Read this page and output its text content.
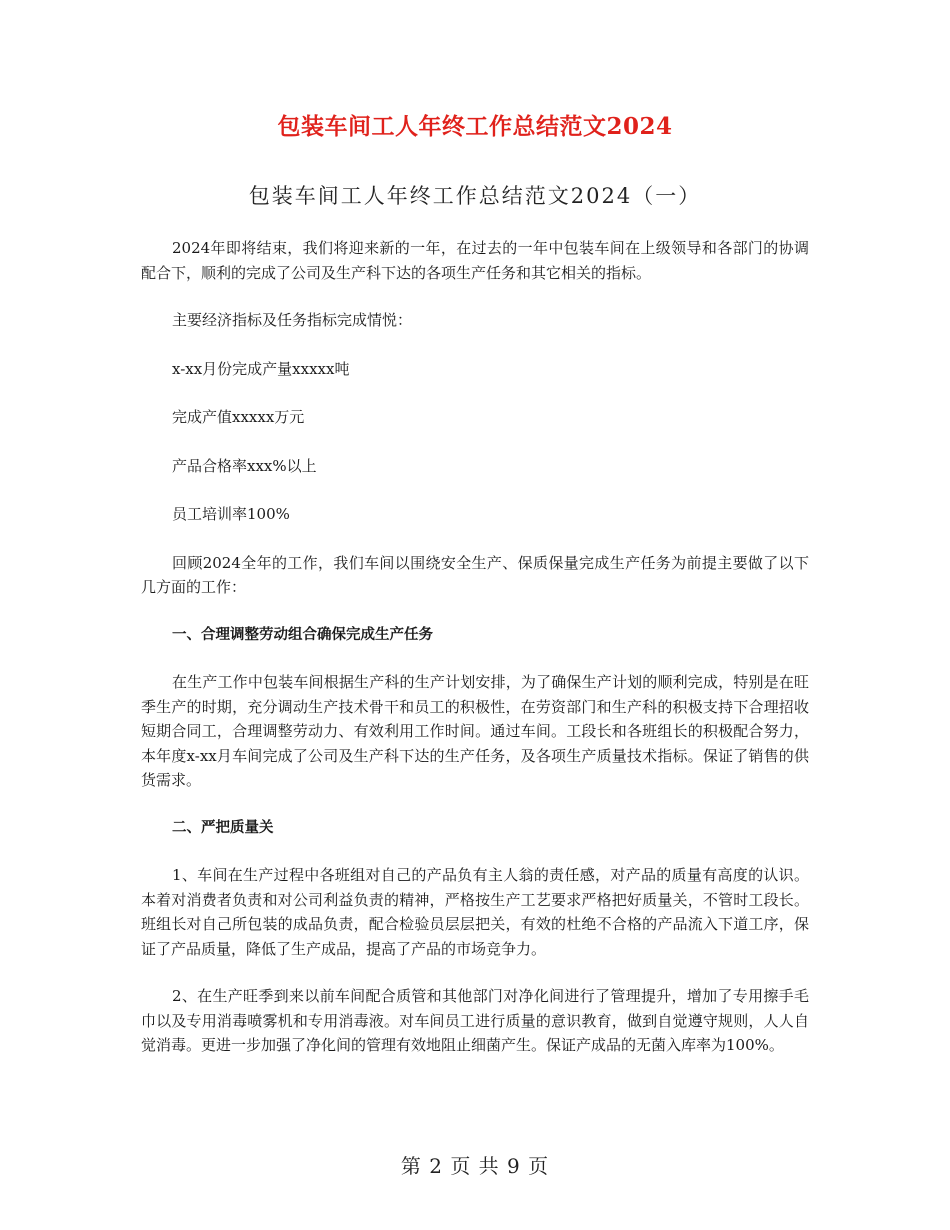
包装车间工人年终工作总结范文2024
包装车间工人年终工作总结范文2024（一）

2024年即将结束，我们将迎来新的一年，在过去的一年中包装车间在上级领导和各部门的协调配合下，顺利的完成了公司及生产科下达的各项生产任务和其它相关的指标。

主要经济指标及任务指标完成情悦：

x-xx月份完成产量xxxxx吨

完成产值xxxxx万元

产品合格率xxx%以上

员工培训率100%

回顾2024全年的工作，我们车间以围绕安全生产、保质保量完成生产任务为前提主要做了以下几方面的工作：

一、合理调整劳动组合确保完成生产任务

在生产工作中包装车间根据生产科的生产计划安排，为了确保生产计划的顺利完成，特别是在旺季生产的时期，充分调动生产技术骨干和员工的积极性，在劳资部门和生产科的积极支持下合理招收短期合同工，合理调整劳动力、有效利用工作时间。通过车间。工段长和各班组长的积极配合努力，本年度x-xx月车间完成了公司及生产科下达的生产任务，及各项生产质量技术指标。保证了销售的供货需求。

二、严把质量关

1、车间在生产过程中各班组对自己的产品负有主人翁的责任感，对产品的质量有高度的认识。本着对消费者负责和对公司利益负责的精神，严格按生产工艺要求严格把好质量关，不管时工段长。班组长对自己所包装的成品负责，配合检验员层层把关，有效的杜绝不合格的产品流入下道工序，保证了产品质量，降低了生产成品，提高了产品的市场竞争力。

2、在生产旺季到来以前车间配合质管和其他部门对净化间进行了管理提升，增加了专用擦手毛巾以及专用消毒喷雾机和专用消毒液。对车间员工进行质量的意识教育，做到自觉遵守规则，人人自觉消毒。更进一步加强了净化间的管理有效地阻止细菌产生。保证产成品的无菌入库率为100%。

第 2 页 共 9 页
